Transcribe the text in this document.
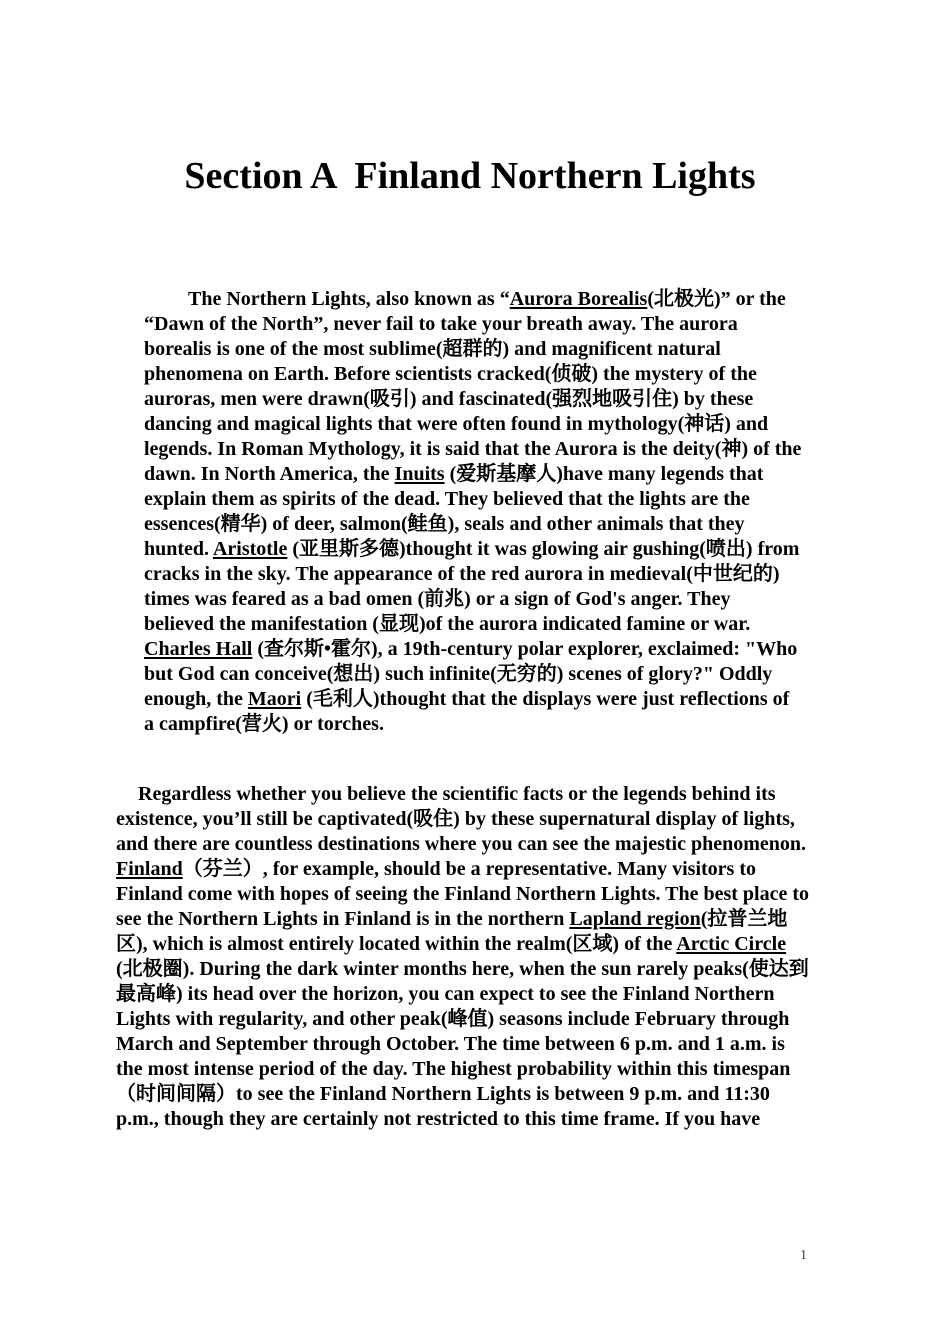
Section A  Finland Northern Lights

The Northern Lights, also known as “Aurora Borealis(北极光)” or the “Dawn of the North”, never fail to take your breath away. The aurora borealis is one of the most sublime(超群的) and magnificent natural phenomena on Earth. Before scientists cracked(侦破) the mystery of the auroras, men were drawn(吸引) and fascinated(强烈地吸引住) by these dancing and magical lights that were often found in mythology(神话) and legends. In Roman Mythology, it is said that the Aurora is the deity(神) of the dawn. In North America, the Inuits (爱斯基摩人)have many legends that explain them as spirits of the dead. They believed that the lights are the essences(精华) of deer, salmon(鲑鱼), seals and other animals that they hunted. Aristotle (亚里斯多德)thought it was glowing air gushing(喷出) from cracks in the sky. The appearance of the red aurora in medieval(中世纪的) times was feared as a bad omen (前兆) or a sign of God's anger. They believed the manifestation (显现)of the aurora indicated famine or war. Charles Hall (查尔斯•霍尔), a 19th-century polar explorer, exclaimed: "Who but God can conceive(想出) such infinite(无穷的) scenes of glory?" Oddly enough, the Maori (毛利人)thought that the displays were just reflections of a campfire(营火) or torches.

Regardless whether you believe the scientific facts or the legends behind its existence, you’ll still be captivated(吸住) by these supernatural display of lights, and there are countless destinations where you can see the majestic phenomenon. Finland（芬兰）, for example, should be a representative. Many visitors to Finland come with hopes of seeing the Finland Northern Lights. The best place to see the Northern Lights in Finland is in the northern Lapland region(拉普兰地区), which is almost entirely located within the realm(区域) of the Arctic Circle (北极圈). During the dark winter months here, when the sun rarely peaks(使达到最高峰) its head over the horizon, you can expect to see the Finland Northern Lights with regularity, and other peak(峰值) seasons include February through March and September through October. The time between 6 p.m. and 1 a.m. is the most intense period of the day. The highest probability within this timespan（时间间隔）to see the Finland Northern Lights is between 9 p.m. and 11:30 p.m., though they are certainly not restricted to this time frame. If you have

1
